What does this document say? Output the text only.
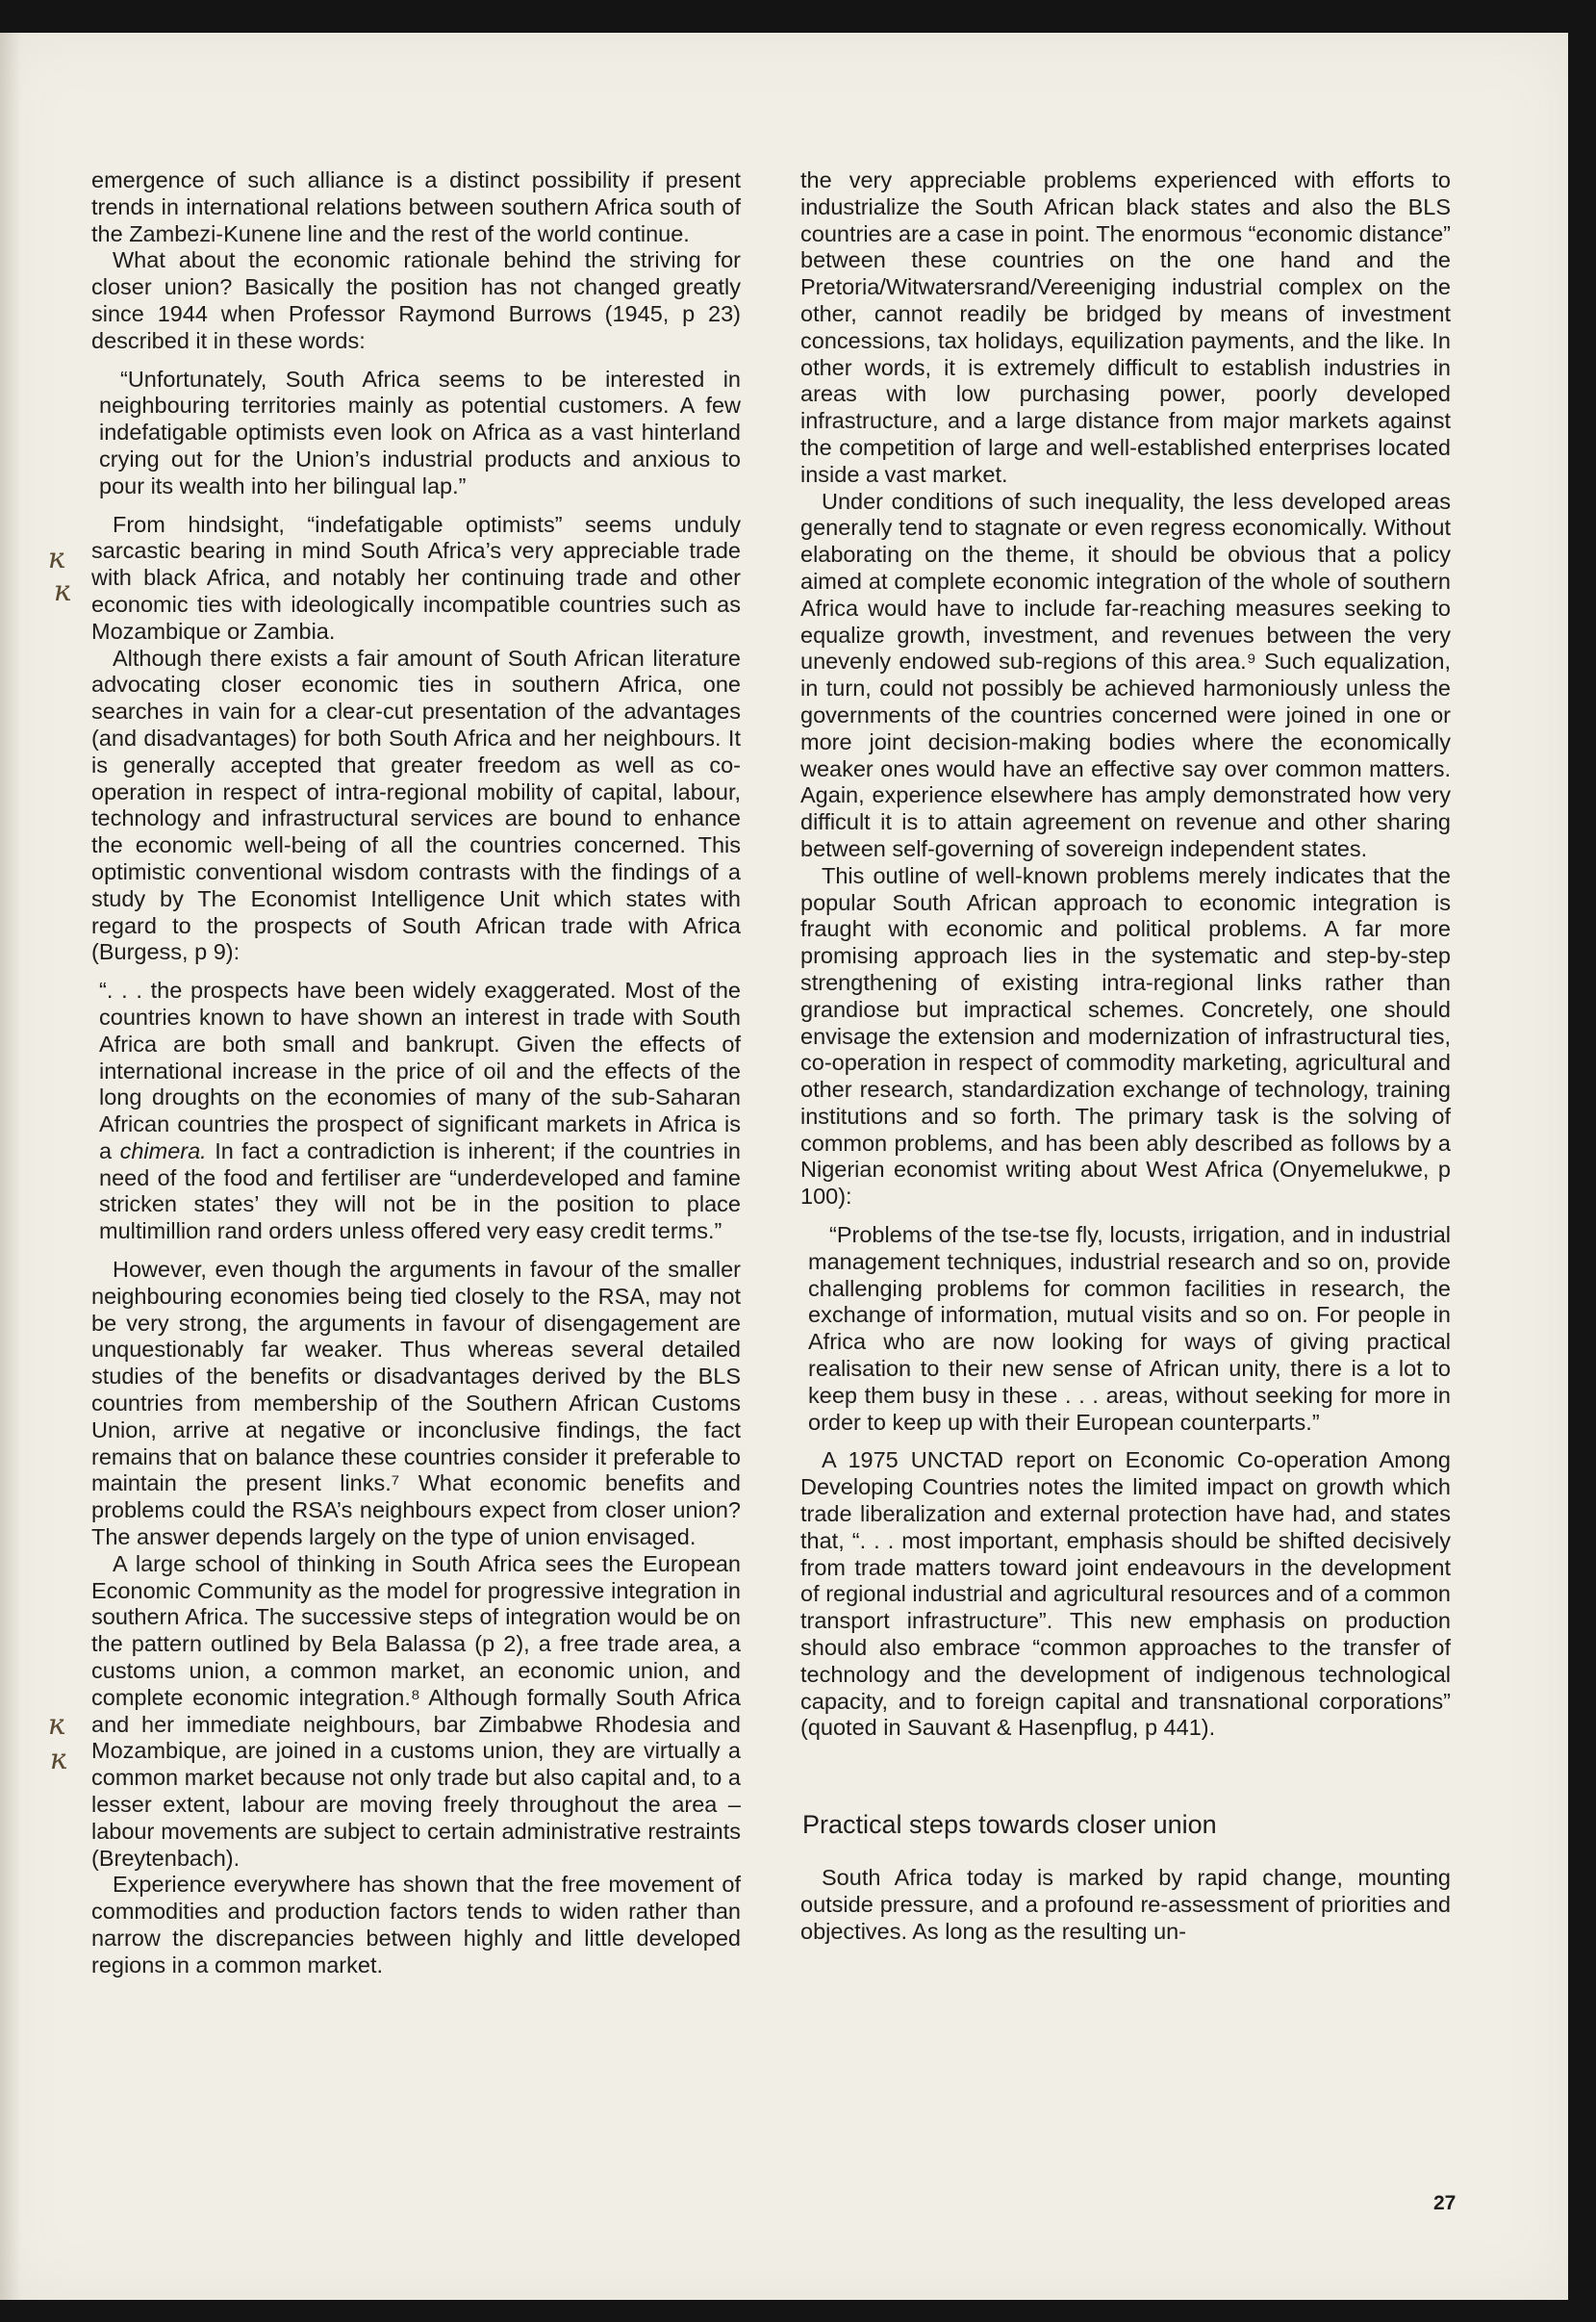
emergence of such alliance is a distinct possibility if present trends in international relations between southern Africa south of the Zambezi-Kunene line and the rest of the world continue.

What about the economic rationale behind the striving for closer union? Basically the position has not changed greatly since 1944 when Professor Raymond Burrows (1945, p 23) described it in these words:

“Unfortunately, South Africa seems to be interested in neighbouring territories mainly as potential customers. A few indefatigable optimists even look on Africa as a vast hinterland crying out for the Union’s industrial products and anxious to pour its wealth into her bilingual lap.”

From hindsight, “indefatigable optimists” seems unduly sarcastic bearing in mind South Africa’s very appreciable trade with black Africa, and notably her continuing trade and other economic ties with ideologically incompatible countries such as Mozambique or Zambia.

Although there exists a fair amount of South African literature advocating closer economic ties in southern Africa, one searches in vain for a clear-cut presentation of the advantages (and disadvantages) for both South Africa and her neighbours. It is generally accepted that greater freedom as well as co-operation in respect of intra-regional mobility of capital, labour, technology and infrastructural services are bound to enhance the economic well-being of all the countries concerned. This optimistic conventional wisdom contrasts with the findings of a study by The Economist Intelligence Unit which states with regard to the prospects of South African trade with Africa (Burgess, p 9):

“. . . the prospects have been widely exaggerated. Most of the countries known to have shown an interest in trade with South Africa are both small and bankrupt. Given the effects of international increase in the price of oil and the effects of the long droughts on the economies of many of the sub-Saharan African countries the prospect of significant markets in Africa is a chimera. In fact a contradiction is inherent; if the countries in need of the food and fertiliser are “underdeveloped and famine stricken states’ they will not be in the position to place multimillion rand orders unless offered very easy credit terms.”

However, even though the arguments in favour of the smaller neighbouring economies being tied closely to the RSA, may not be very strong, the arguments in favour of disengagement are unquestionably far weaker. Thus whereas several detailed studies of the benefits or disadvantages derived by the BLS countries from membership of the Southern African Customs Union, arrive at negative or inconclusive findings, the fact remains that on balance these countries consider it preferable to maintain the present links.⁷ What economic benefits and problems could the RSA’s neighbours expect from closer union? The answer depends largely on the type of union envisaged.

A large school of thinking in South Africa sees the European Economic Community as the model for progressive integration in southern Africa. The successive steps of integration would be on the pattern outlined by Bela Balassa (p 2), a free trade area, a customs union, a common market, an economic union, and complete economic integration.⁸ Although formally South Africa and her immediate neighbours, bar Zimbabwe Rhodesia and Mozambique, are joined in a customs union, they are virtually a common market because not only trade but also capital and, to a lesser extent, labour are moving freely throughout the area – labour movements are subject to certain administrative restraints (Breytenbach).

Experience everywhere has shown that the free movement of commodities and production factors tends to widen rather than narrow the discrepancies between highly and little developed regions in a common market.

the very appreciable problems experienced with efforts to industrialize the South African black states and also the BLS countries are a case in point. The enormous “economic distance” between these countries on the one hand and the Pretoria/Witwatersrand/Vereeniging industrial complex on the other, cannot readily be bridged by means of investment concessions, tax holidays, equilization payments, and the like. In other words, it is extremely difficult to establish industries in areas with low purchasing power, poorly developed infrastructure, and a large distance from major markets against the competition of large and well-established enterprises located inside a vast market.

Under conditions of such inequality, the less developed areas generally tend to stagnate or even regress economically. Without elaborating on the theme, it should be obvious that a policy aimed at complete economic integration of the whole of southern Africa would have to include far-reaching measures seeking to equalize growth, investment, and revenues between the very unevenly endowed sub-regions of this area.⁹ Such equalization, in turn, could not possibly be achieved harmoniously unless the governments of the countries concerned were joined in one or more joint decision-making bodies where the economically weaker ones would have an effective say over common matters. Again, experience elsewhere has amply demonstrated how very difficult it is to attain agreement on revenue and other sharing between self-governing of sovereign independent states.

This outline of well-known problems merely indicates that the popular South African approach to economic integration is fraught with economic and political problems. A far more promising approach lies in the systematic and step-by-step strengthening of existing intra-regional links rather than grandiose but impractical schemes. Concretely, one should envisage the extension and modernization of infrastructural ties, co-operation in respect of commodity marketing, agricultural and other research, standardization exchange of technology, training institutions and so forth. The primary task is the solving of common problems, and has been ably described as follows by a Nigerian economist writing about West Africa (Onyemelukwe, p 100):

“Problems of the tse-tse fly, locusts, irrigation, and in industrial management techniques, industrial research and so on, provide challenging problems for common facilities in research, the exchange of information, mutual visits and so on. For people in Africa who are now looking for ways of giving practical realisation to their new sense of African unity, there is a lot to keep them busy in these . . . areas, without seeking for more in order to keep up with their European counterparts.”

A 1975 UNCTAD report on Economic Co-operation Among Developing Countries notes the limited impact on growth which trade liberalization and external protection have had, and states that, “. . . most important, emphasis should be shifted decisively from trade matters toward joint endeavours in the development of regional industrial and agricultural resources and of a common transport infrastructure”. This new emphasis on production should also embrace “common approaches to the transfer of technology and the development of indigenous technological capacity, and to foreign capital and transnational corporations” (quoted in Sauvant & Hasenpflug, p 441).

Practical steps towards closer union

South Africa today is marked by rapid change, mounting outside pressure, and a profound re-assessment of priorities and objectives. As long as the resulting un-

27
ĸ
ĸ
ĸ
ĸ
